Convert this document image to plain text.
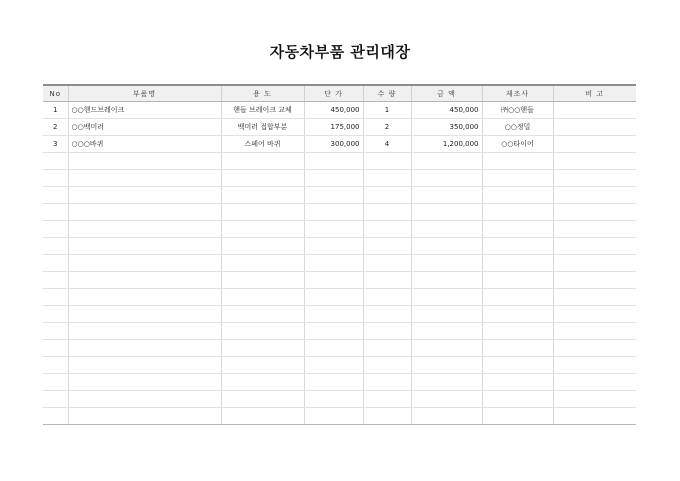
자동차부품 관리대장
No	부품명	용 도	단 가	수 량	금 액	제조사	비 고
1	○○핸드브레이크	핸들 브레이크 교체	450,000	1	450,000	㈜○○핸들	
2	○○백미러	백미러 접합부분	175,000	2	350,000	○○정밀	
3	○○○바퀴	스페어 바퀴	300,000	4	1,200,000	○○타이어	
